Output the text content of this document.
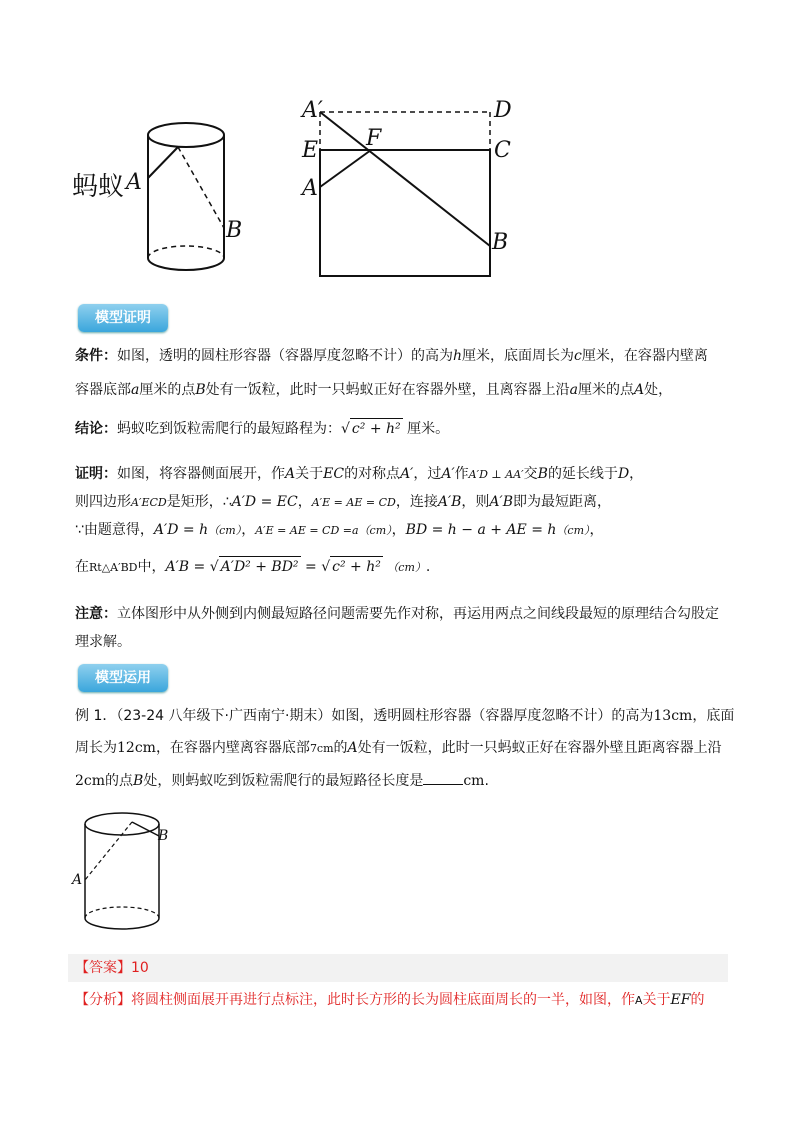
蚂蚁 A
B
A′	D
E F	C
A
B
模型证明
条件：如图，透明的圆柱形容器（容器厚度忽略不计）的高为h厘米，底面周长为c厘米，在容器内壁离
容器底部a厘米的点B处有一饭粒，此时一只蚂蚁正好在容器外壁，且离容器上沿a厘米的点A处，
结论：蚂蚁吃到饭粒需爬行的最短路程为：√ c² + h² 厘米。
证明：如图，将容器侧面展开，作A关于EC的对称点A′，过A′作A′D ⊥ AA′交B的延长线于D，
则四边形A′ECD是矩形，∴A′D = EC，A′E = AE = CD，连接A′B，则A′B即为最短距离，
∵由题意得，A′D = h（cm），A′E = AE = CD =a（cm），BD = h − a + AE = h（cm），
在Rt△A′BD中，A′B = √ A′D² + BD² = √ c² + h² （cm）.
注意：立体图形中从外侧到内侧最短路径问题需要先作对称，再运用两点之间线段最短的原理结合勾股定
理求解。
模型运用
例 1．（23-24 八年级下·广西南宁·期末）如图，透明圆柱形容器（容器厚度忽略不计）的高为13cm，底面
周长为12cm，在容器内壁离容器底部7cm的A处有一饭粒，此时一只蚂蚁正好在容器外壁且距离容器上沿
2cm的点B处，则蚂蚁吃到饭粒需爬行的最短路径长度是	cm.
B
A
【答案】10
【分析】将圆柱侧面展开再进行点标注，此时长方形的长为圆柱底面周长的一半，如图，作A关于EF的
